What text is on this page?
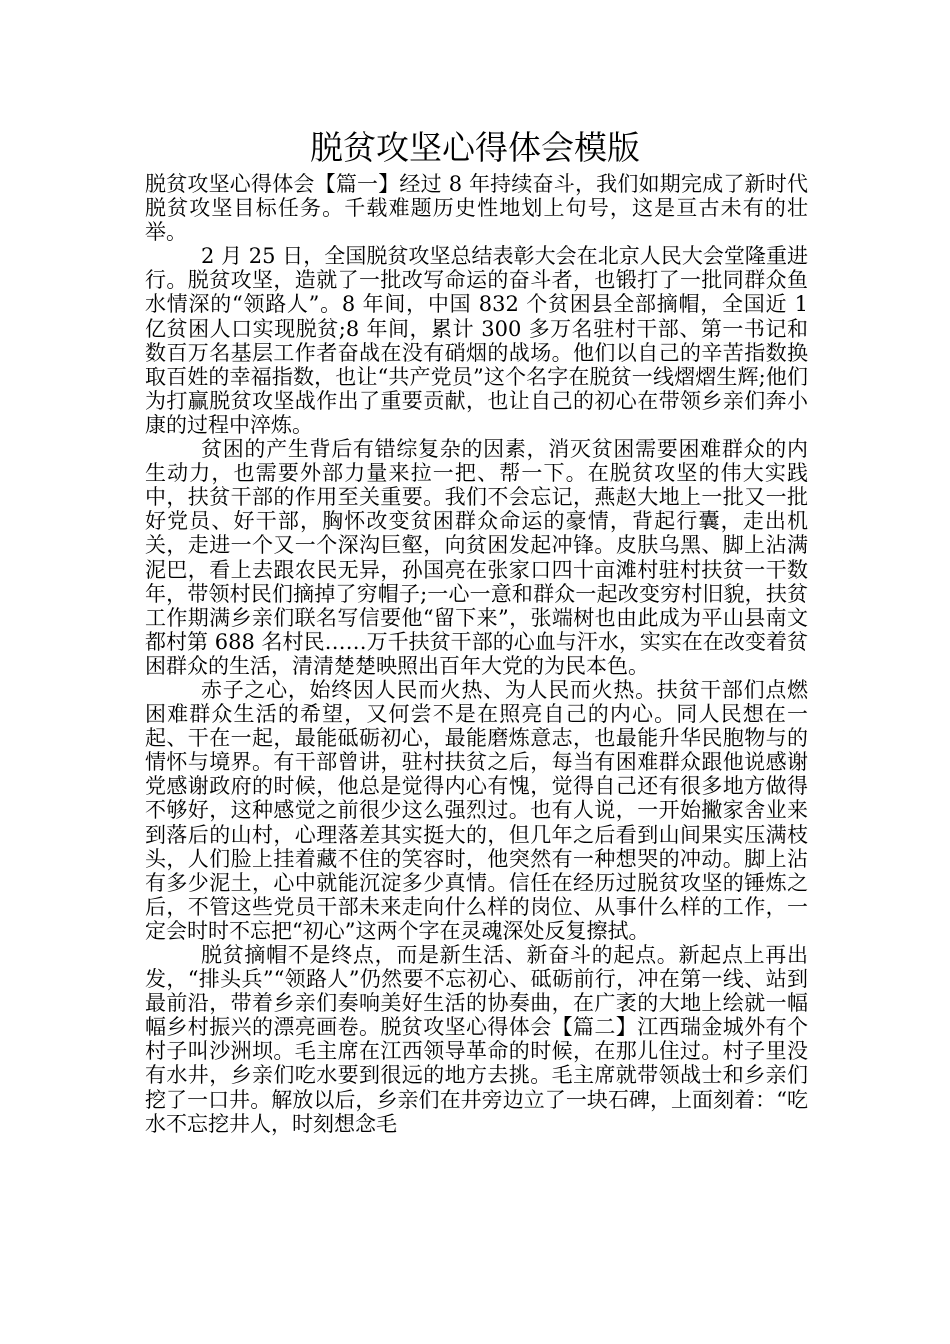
脱贫攻坚心得体会模版

脱贫攻坚心得体会【篇一】经过 8 年持续奋斗，我们如期完成了新时代脱贫攻坚目标任务。千载难题历史性地划上句号，这是亘古未有的壮举。

2 月 25 日，全国脱贫攻坚总结表彰大会在北京人民大会堂隆重进行。脱贫攻坚，造就了一批改写命运的奋斗者，也锻打了一批同群众鱼水情深的“领路人”。8 年间，中国 832 个贫困县全部摘帽，全国近 1 亿贫困人口实现脱贫;8 年间，累计 300 多万名驻村干部、第一书记和数百万名基层工作者奋战在没有硝烟的战场。他们以自己的辛苦指数换取百姓的幸福指数，也让“共产党员”这个名字在脱贫一线熠熠生辉;他们为打赢脱贫攻坚战作出了重要贡献，也让自己的初心在带领乡亲们奔小康的过程中淬炼。

贫困的产生背后有错综复杂的因素，消灭贫困需要困难群众的内生动力，也需要外部力量来拉一把、帮一下。在脱贫攻坚的伟大实践中，扶贫干部的作用至关重要。我们不会忘记，燕赵大地上一批又一批好党员、好干部，胸怀改变贫困群众命运的豪情，背起行囊，走出机关，走进一个又一个深沟巨壑，向贫困发起冲锋。皮肤乌黑、脚上沾满泥巴，看上去跟农民无异，孙国亮在张家口四十亩滩村驻村扶贫一干数年，带领村民们摘掉了穷帽子;一心一意和群众一起改变穷村旧貌，扶贫工作期满乡亲们联名写信要他“留下来”，张端树也由此成为平山县南文都村第 688 名村民……万千扶贫干部的心血与汗水，实实在在改变着贫困群众的生活，清清楚楚映照出百年大党的为民本色。

赤子之心，始终因人民而火热、为人民而火热。扶贫干部们点燃困难群众生活的希望，又何尝不是在照亮自己的内心。同人民想在一起、干在一起，最能砥砺初心，最能磨炼意志，也最能升华民胞物与的情怀与境界。有干部曾讲，驻村扶贫之后，每当有困难群众跟他说感谢党感谢政府的时候，他总是觉得内心有愧，觉得自己还有很多地方做得不够好，这种感觉之前很少这么强烈过。也有人说，一开始撇家舍业来到落后的山村，心理落差其实挺大的，但几年之后看到山间果实压满枝头，人们脸上挂着藏不住的笑容时，他突然有一种想哭的冲动。脚上沾有多少泥土，心中就能沉淀多少真情。信任在经历过脱贫攻坚的锤炼之后，不管这些党员干部未来走向什么样的岗位、从事什么样的工作，一定会时时不忘把“初心”这两个字在灵魂深处反复擦拭。

脱贫摘帽不是终点，而是新生活、新奋斗的起点。新起点上再出发，“排头兵”“领路人”仍然要不忘初心、砥砺前行，冲在第一线、站到最前沿，带着乡亲们奏响美好生活的协奏曲，在广袤的大地上绘就一幅幅乡村振兴的漂亮画卷。脱贫攻坚心得体会【篇二】江西瑞金城外有个村子叫沙洲坝。毛主席在江西领导革命的时候，在那儿住过。村子里没有水井，乡亲们吃水要到很远的地方去挑。毛主席就带领战士和乡亲们挖了一口井。解放以后，乡亲们在井旁边立了一块石碑，上面刻着：“吃水不忘挖井人，时刻想念毛
